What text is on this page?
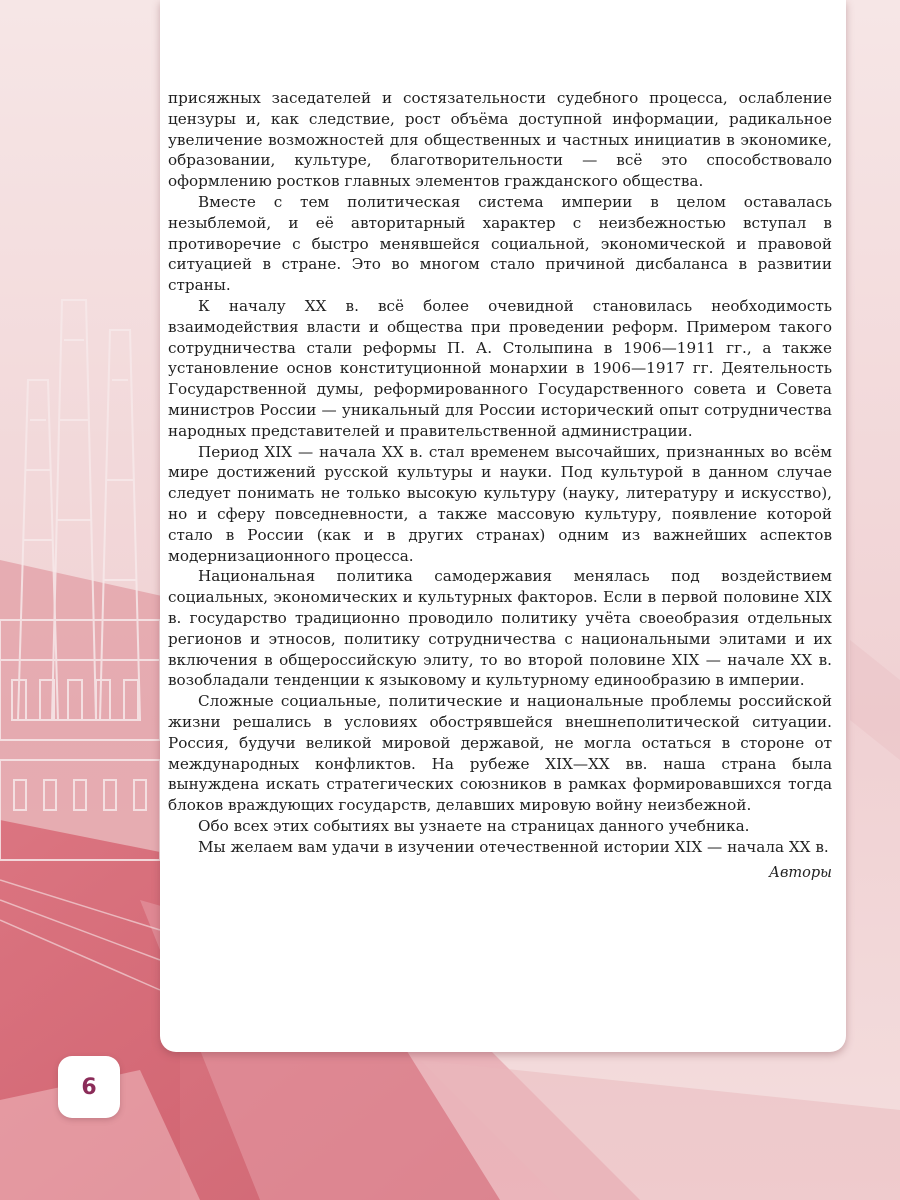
присяжных заседателей и состязательности судебного процесса, ослабление цензуры и, как следствие, рост объёма доступной информации, радикальное увеличение возможностей для общественных и частных инициатив в экономике, образовании, культуре, благотворительности — всё это способствовало оформлению ростков главных элементов гражданского общества.

Вместе с тем политическая система империи в целом оставалась незыблемой, и её авторитарный характер с неизбежностью вступал в противоречие с быстро менявшейся социальной, экономической и правовой ситуацией в стране. Это во многом стало причиной дисбаланса в развитии страны.

К началу XX в. всё более очевидной становилась необходимость взаимодействия власти и общества при проведении реформ. Примером такого сотрудничества стали реформы П. А. Столыпина в 1906—1911 гг., а также установление основ конституционной монархии в 1906—1917 гг. Деятельность Государственной думы, реформированного Государственного совета и Совета министров России — уникальный для России исторический опыт сотрудничества народных представителей и правительственной администрации.

Период XIX — начала XX в. стал временем высочайших, признанных во всём мире достижений русской культуры и науки. Под культурой в данном случае следует понимать не только высокую культуру (науку, литературу и искусство), но и сферу повседневности, а также массовую культуру, появление которой стало в России (как и в других странах) одним из важнейших аспектов модернизационного процесса.

Национальная политика самодержавия менялась под воздействием социальных, экономических и культурных факторов. Если в первой половине XIX в. государство традиционно проводило политику учёта своеобразия отдельных регионов и этносов, политику сотрудничества с национальными элитами и их включения в общероссийскую элиту, то во второй половине XIX — начале XX в. возобладали тенденции к языковому и культурному единообразию в империи.

Сложные социальные, политические и национальные проблемы российской жизни решались в условиях обострявшейся внешнеполитической ситуации. Россия, будучи великой мировой державой, не могла остаться в стороне от международных конфликтов. На рубеже XIX—XX вв. наша страна была вынуждена искать стратегических союзников в рамках формировавшихся тогда блоков враждующих государств, делавших мировую войну неизбежной.

Обо всех этих событиях вы узнаете на страницах данного учебника.

Мы желаем вам удачи в изучении отечественной истории XIX — начала XX в.

Авторы
6
